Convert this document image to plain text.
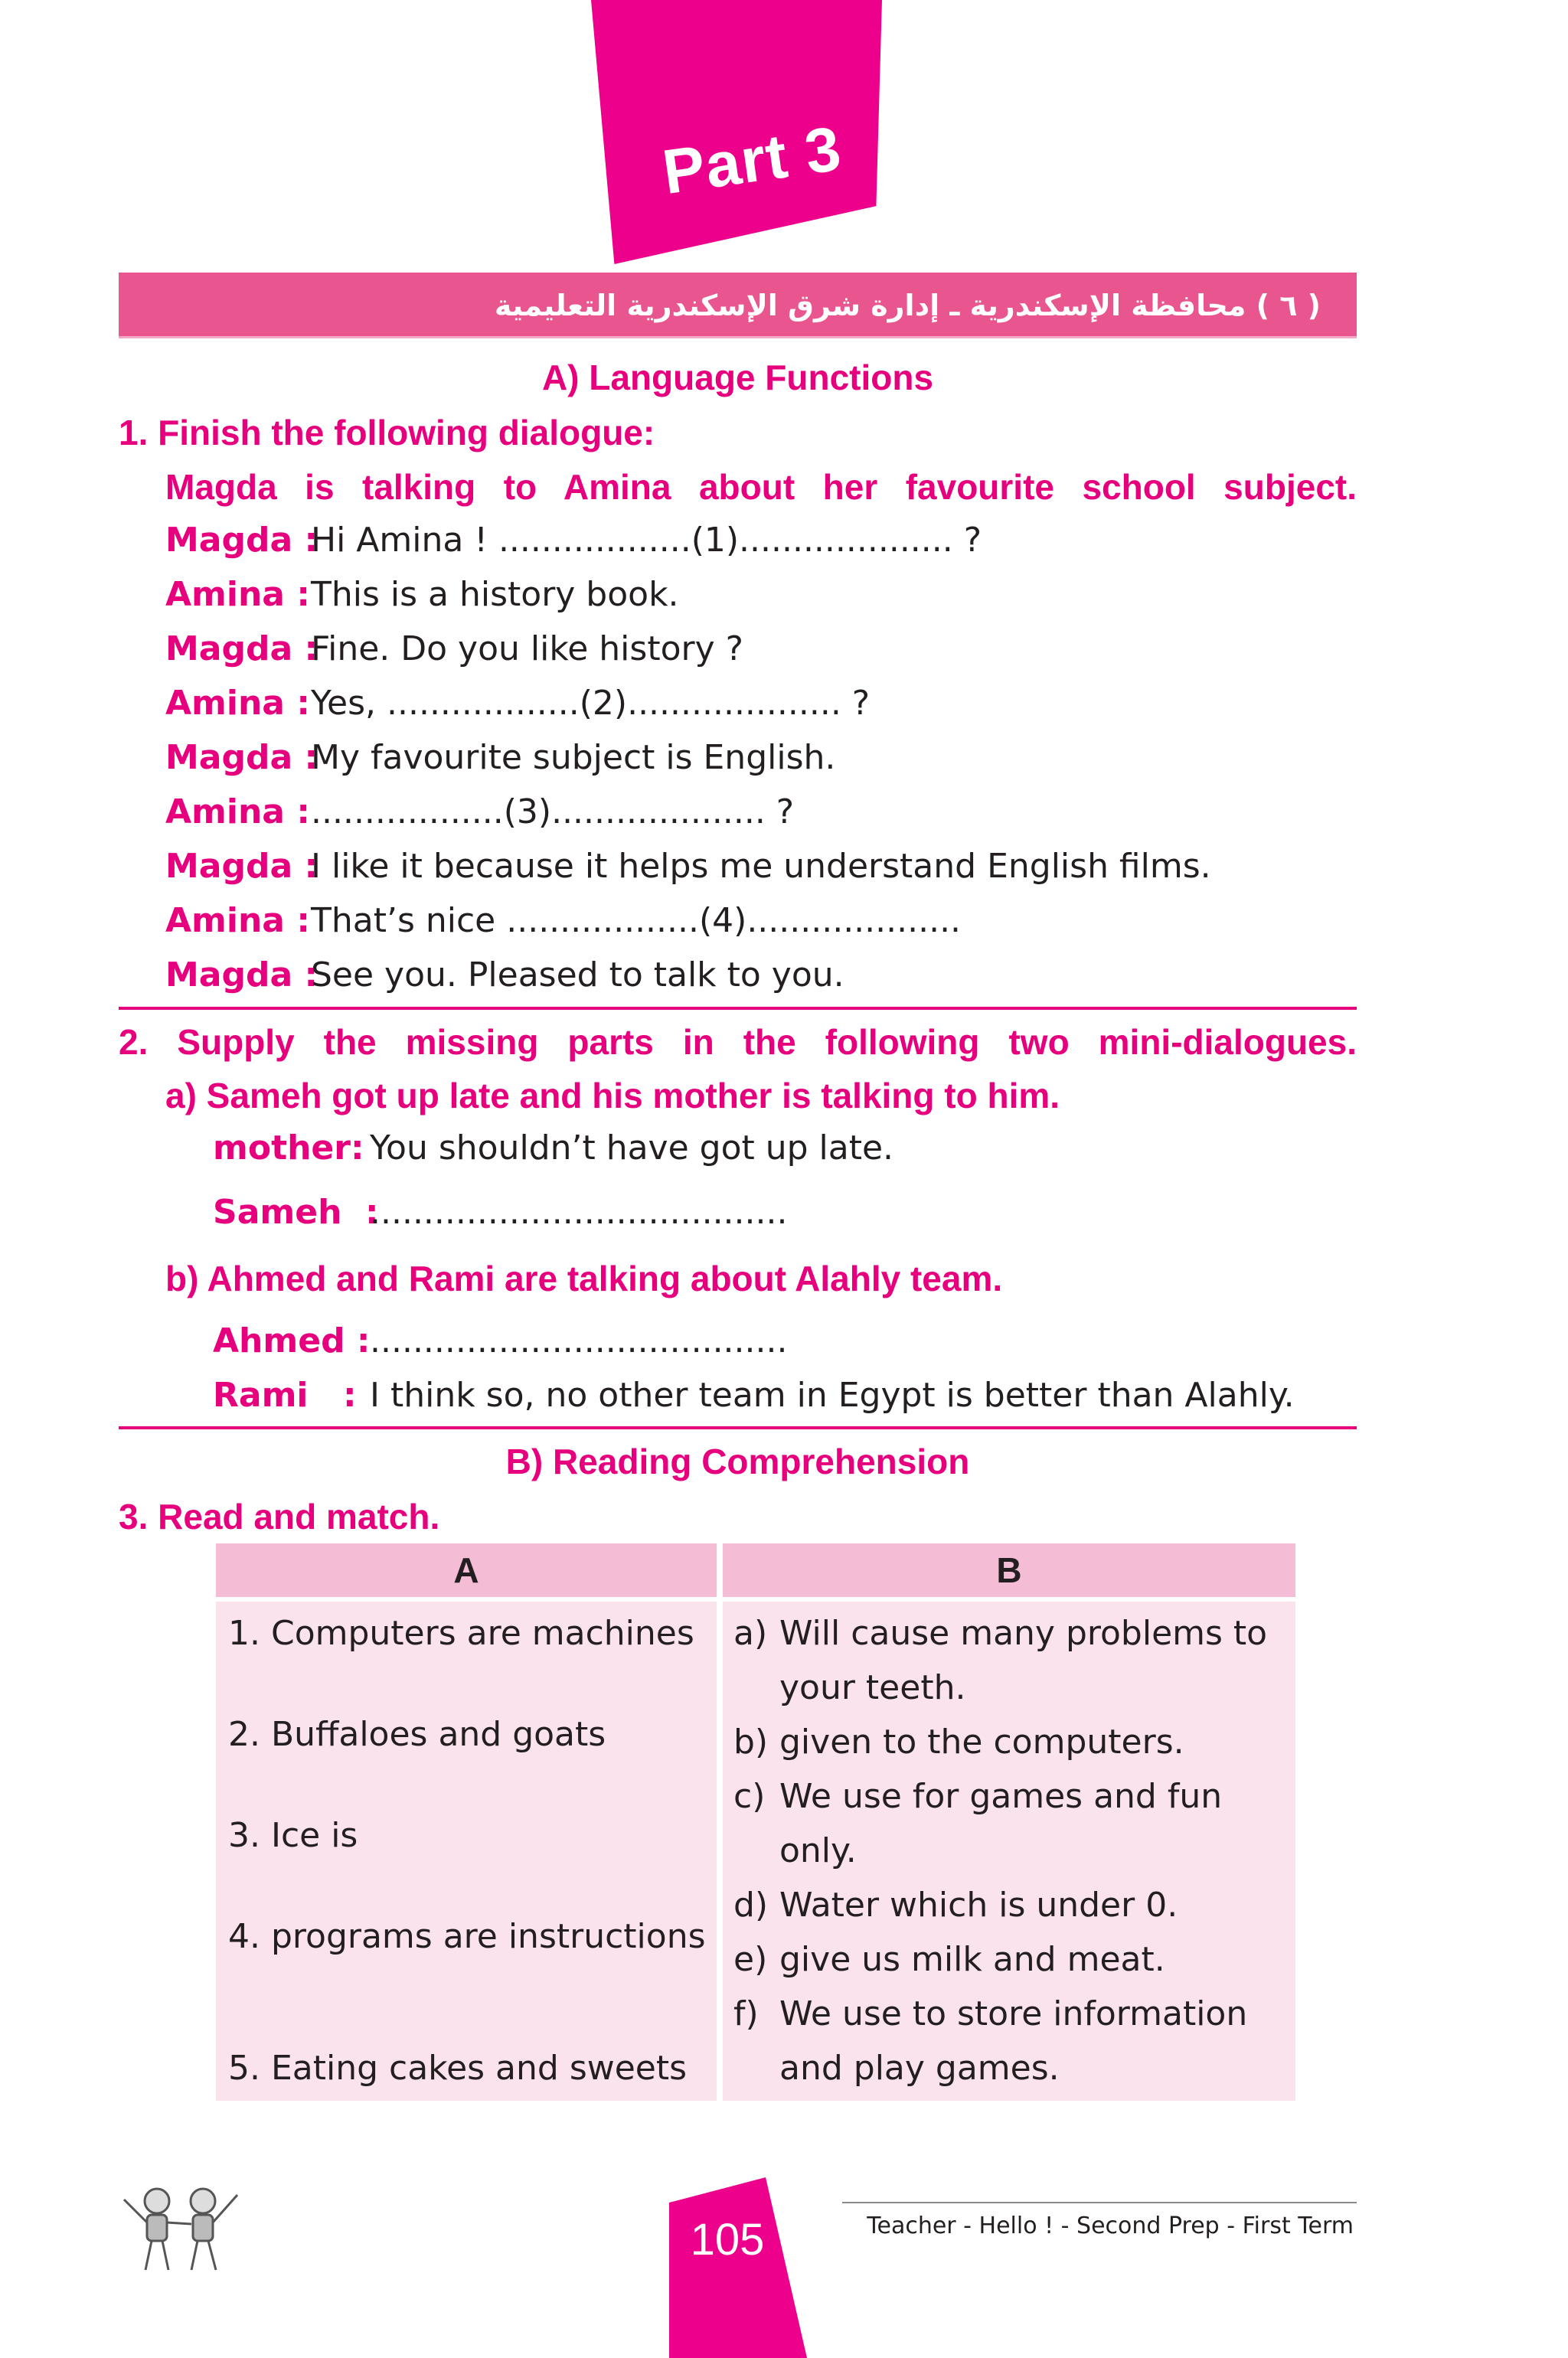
Part 3
( ٦ ) محافظة الإسكندرية ـ إدارة شرق الإسكندرية التعليمية
A) Language Functions
1. Finish the following dialogue:
Magda is talking to Amina about her favourite school subject.
Magda :Hi Amina ! ..................(1).................... ?
Amina :This is a history book.
Magda :Fine. Do you like history ?
Amina :Yes, ..................(2).................... ?
Magda :My favourite subject is English.
Amina :..................(3).................... ?
Magda :I like it because it helps me understand English films.
Amina :That’s nice ..................(4)....................
Magda :See you. Pleased to talk to you.
2. Supply the missing parts in the following two mini-dialogues.
a) Sameh got up late and his mother is talking to him.
mother: You shouldn’t have got up late.
Sameh  :.......................................
b) Ahmed and Rami are talking about Alahly team.
Ahmed :.......................................
Rami : I think so, no other team in Egypt is better than Alahly.
B) Reading Comprehension
3. Read and match.
A	B
1. Computers are machines
2. Buffaloes and goats
3. Ice is
4. programs are instructions
5. Eating cakes and sweets
a) Will cause many problems to
your teeth.
b) given to the computers.
c) We use for games and fun
only.
d) Water which is under 0.
e) give us milk and meat.
f) We use to store information
and play games.
Teacher - Hello ! - Second Prep - First Term
105
